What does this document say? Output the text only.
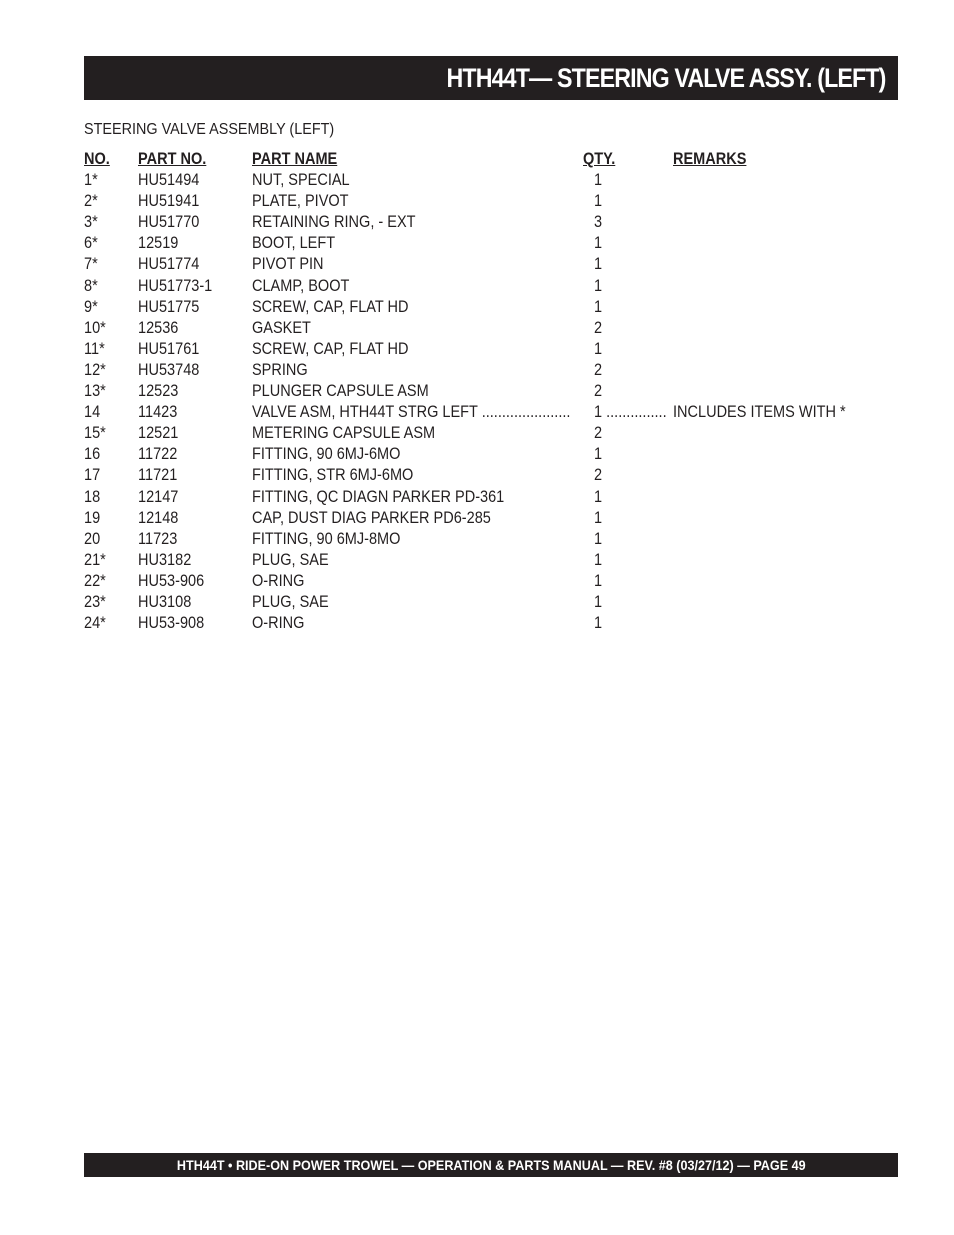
HTH44T— STEERING VALVE ASSY. (LEFT)
STEERING VALVE ASSEMBLY (LEFT)
NO. PART NO.	PART NAME	QTY.	REMARKS
1* HU51494	NUT, SPECIAL	1
2* HU51941	PLATE, PIVOT	1
3* HU51770	RETAINING RING, - EXT	3
6* 12519	BOOT, LEFT	1
7* HU51774	PIVOT PIN	1
8* HU51773-1 CLAMP, BOOT	1
9* HU51775	SCREW, CAP, FLAT HD	1
10* 12536	GASKET	2
11* HU51761	SCREW, CAP, FLAT HD	1
12* HU53748	SPRING	2
13* 12523	PLUNGER CAPSULE ASM	2
14 11423	VALVE ASM, HTH44T STRG LEFT ...................... 1 ............... INCLUDES ITEMS WITH *
15* 12521	METERING CAPSULE ASM	2
16 11722	FITTING, 90 6MJ-6MO	1
17 11721	FITTING, STR 6MJ-6MO	2
18 12147	FITTING, QC DIAGN PARKER PD-361	1
19 12148	CAP, DUST DIAG PARKER PD6-285	1
20 11723	FITTING, 90 6MJ-8MO	1
21* HU3182	PLUG, SAE	1
22* HU53-906	O-RING	1
23* HU3108	PLUG, SAE	1
24* HU53-908	O-RING	1
HTH44T • RIDE-ON POWER TROWEL — OPERATION & PARTS MANUAL — REV. #8 (03/27/12) — PAGE 49
